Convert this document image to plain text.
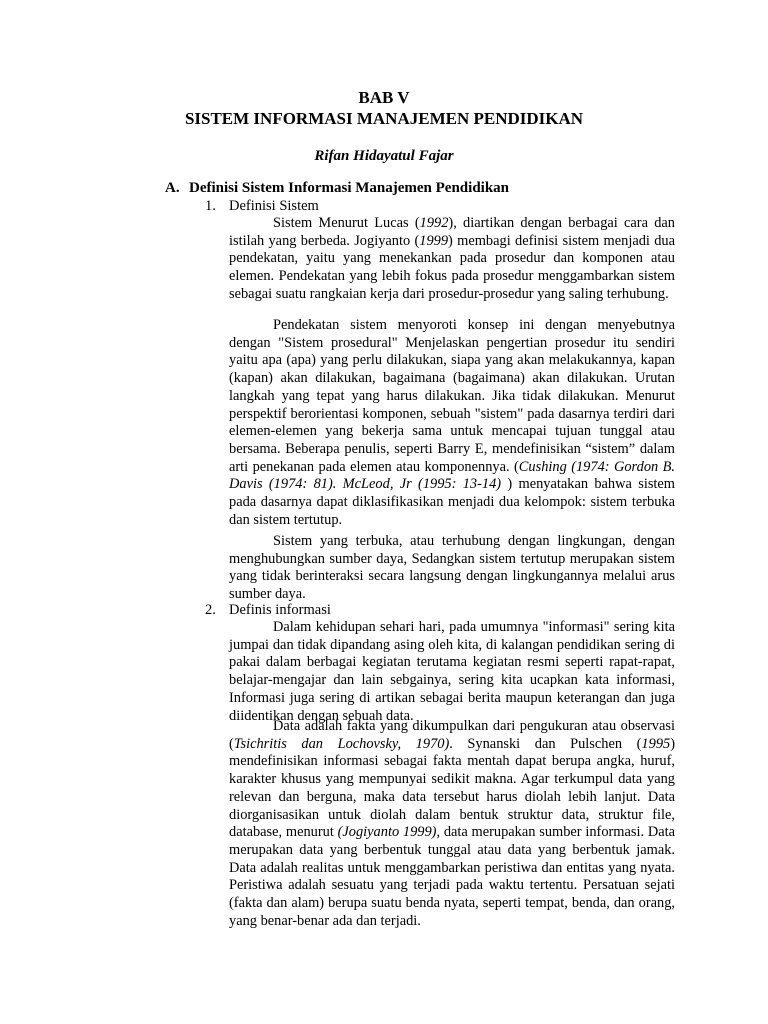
BAB V
SISTEM INFORMASI MANAJEMEN PENDIDIKAN
Rifan Hidayatul Fajar
A. Definisi Sistem Informasi Manajemen Pendidikan
1. Definisi Sistem

Sistem Menurut Lucas (1992), diartikan dengan berbagai cara dan istilah yang berbeda. Jogiyanto (1999) membagi definisi sistem menjadi dua pendekatan, yaitu yang menekankan pada prosedur dan komponen atau elemen. Pendekatan yang lebih fokus pada prosedur menggambarkan sistem sebagai suatu rangkaian kerja dari prosedur-prosedur yang saling terhubung.

Pendekatan sistem menyoroti konsep ini dengan menyebutnya dengan "Sistem prosedural" Menjelaskan pengertian prosedur itu sendiri yaitu apa (apa) yang perlu dilakukan, siapa yang akan melakukannya, kapan (kapan) akan dilakukan, bagaimana (bagaimana) akan dilakukan. Urutan langkah yang tepat yang harus dilakukan. Jika tidak dilakukan. Menurut perspektif berorientasi komponen, sebuah "sistem" pada dasarnya terdiri dari elemen-elemen yang bekerja sama untuk mencapai tujuan tunggal atau bersama. Beberapa penulis, seperti Barry E, mendefinisikan “sistem” dalam arti penekanan pada elemen atau komponennya. (Cushing (1974: Gordon B. Davis (1974: 81). McLeod, Jr (1995: 13-14) ) menyatakan bahwa sistem pada dasarnya dapat diklasifikasikan menjadi dua kelompok: sistem terbuka dan sistem tertutup.

Sistem yang terbuka, atau terhubung dengan lingkungan, dengan menghubungkan sumber daya, Sedangkan sistem tertutup merupakan sistem yang tidak berinteraksi secara langsung dengan lingkungannya melalui arus sumber daya.

2. Definis informasi

Dalam kehidupan sehari hari, pada umumnya "informasi" sering kita jumpai dan tidak dipandang asing oleh kita, di kalangan pendidikan sering di pakai dalam berbagai kegiatan terutama kegiatan resmi seperti rapat-rapat, belajar-mengajar dan lain sebgainya, sering kita ucapkan kata informasi, Informasi juga sering di artikan sebagai berita maupun keterangan dan juga diidentikan dengan sebuah data.

Data adalah fakta yang dikumpulkan dari pengukuran atau observasi (Tsichritis dan Lochovsky, 1970). Synanski dan Pulschen (1995) mendefinisikan informasi sebagai fakta mentah dapat berupa angka, huruf, karakter khusus yang mempunyai sedikit makna. Agar terkumpul data yang relevan dan berguna, maka data tersebut harus diolah lebih lanjut. Data diorganisasikan untuk diolah dalam bentuk struktur data, struktur file, database, menurut (Jogiyanto 1999), data merupakan sumber informasi. Data merupakan data yang berbentuk tunggal atau data yang berbentuk jamak. Data adalah realitas untuk menggambarkan peristiwa dan entitas yang nyata. Peristiwa adalah sesuatu yang terjadi pada waktu tertentu. Persatuan sejati (fakta dan alam) berupa suatu benda nyata, seperti tempat, benda, dan orang, yang benar-benar ada dan terjadi.
